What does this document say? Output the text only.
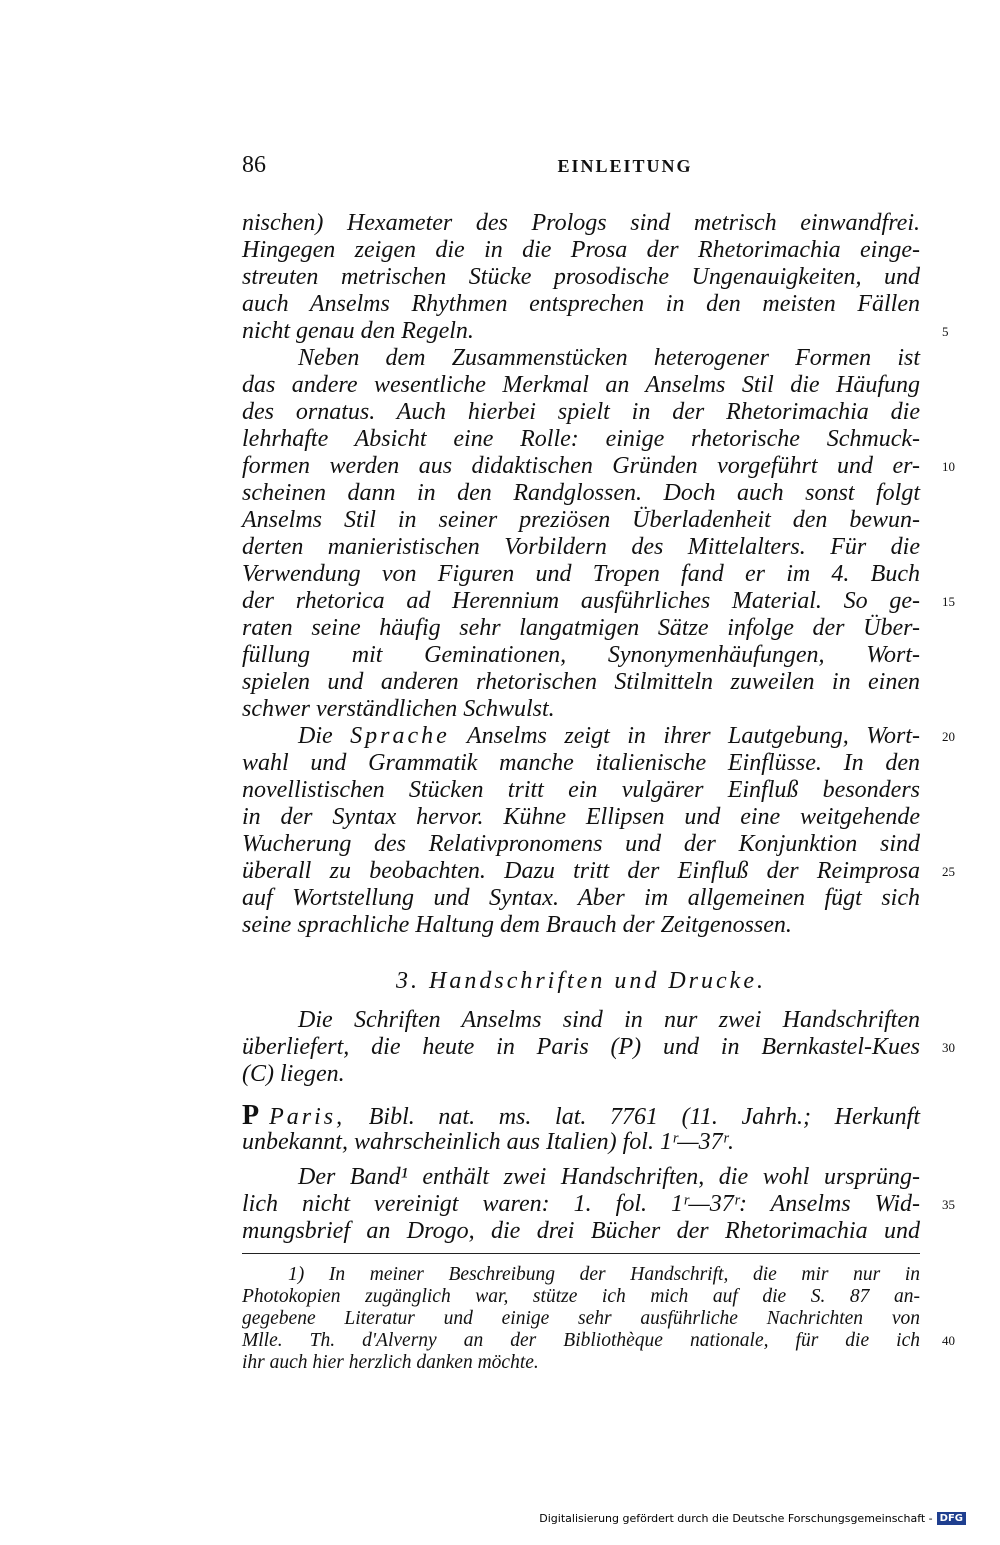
86	EINLEITUNG
nischen) Hexameter des Prologs sind metrisch einwandfrei.
Hingegen zeigen die in die Prosa der Rhetorimachia einge-
streuten metrischen Stücke prosodische Ungenauigkeiten, und
auch Anselms Rhythmen entsprechen in den meisten Fällen
nicht genau den Regeln.	5
Neben dem Zusammenstücken heterogener Formen ist
das andere wesentliche Merkmal an Anselms Stil die Häufung
des ornatus. Auch hierbei spielt in der Rhetorimachia die
lehrhafte Absicht eine Rolle: einige rhetorische Schmuck-
formen werden aus didaktischen Gründen vorgeführt und er- 10
scheinen dann in den Randglossen. Doch auch sonst folgt
Anselms Stil in seiner preziösen Überladenheit den bewun-
derten manieristischen Vorbildern des Mittelalters. Für die
Verwendung von Figuren und Tropen fand er im 4. Buch
der rhetorica ad Herennium ausführliches Material. So ge- 15
raten seine häufig sehr langatmigen Sätze infolge der Über-
füllung mit Geminationen, Synonymenhäufungen, Wort-
spielen und anderen rhetorischen Stilmitteln zuweilen in einen
schwer verständlichen Schwulst.
Die Sprache Anselms zeigt in ihrer Lautgebung, Wort- 20
wahl und Grammatik manche italienische Einflüsse. In den
novellistischen Stücken tritt ein vulgärer Einfluß besonders
in der Syntax hervor. Kühne Ellipsen und eine weitgehende
Wucherung des Relativpronomens und der Konjunktion sind
überall zu beobachten. Dazu tritt der Einfluß der Reimprosa 25
auf Wortstellung und Syntax. Aber im allgemeinen fügt sich
seine sprachliche Haltung dem Brauch der Zeitgenossen.
3. Handschriften und Drucke.
Die Schriften Anselms sind in nur zwei Handschriften
überliefert, die heute in Paris (P) und in Bernkastel-Kues 30
(C) liegen.
P Paris, Bibl. nat. ms. lat. 7761 (11. Jahrh.; Herkunft
unbekannt, wahrscheinlich aus Italien) fol. 1ʳ—37ʳ.
Der Band¹ enthält zwei Handschriften, die wohl ursprüng-
lich nicht vereinigt waren: 1. fol. 1ʳ—37ʳ: Anselms Wid- 35
mungsbrief an Drogo, die drei Bücher der Rhetorimachia und
1) In meiner Beschreibung der Handschrift, die mir nur in
Photokopien zugänglich war, stütze ich mich auf die S. 87 an-
gegebene Literatur und einige sehr ausführliche Nachrichten von
Mlle. Th. d'Alverny an der Bibliothèque nationale, für die ich 40
ihr auch hier herzlich danken möchte.
Digitalisierung gefördert durch die Deutsche Forschungsgemeinschaft - DFG
